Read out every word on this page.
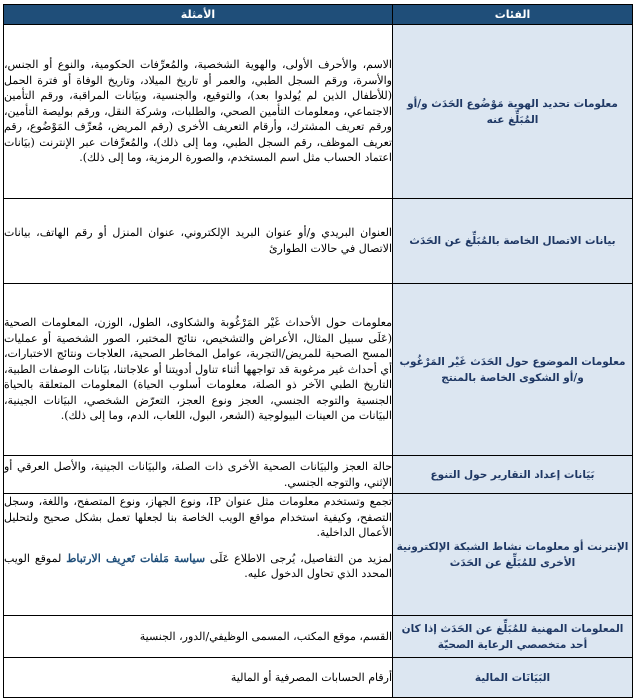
الفئات	الأمثلة
معلومات تحديد الهوية مَوْضُوع الحَدَث و/أو المُبَلِّغ عنه	الاسم، والأحرف الأولى، والهوية الشخصية، والمُعرِّفات الحكومية، والنوع أو الجنس، والأسرة، ورقم السجل الطبي، والعمر أو تاريخ الميلاد، وتاريخ الوفاة أو فترة الحمل (للأطفال الذين لم يُولدوا بعد)، والتوقيع، والجنسية، وبيَانات المراقبة، ورقم التأمين الاجتماعي، ومعلومات التأمين الصحي، والطلبات، وشركة النقل، ورقم بوليصة التأمين، ورقم تعريف المشترك، وأرقام التعريف الأخرى (رقم المريض، مُعرِّف المَوْضُوع، رقم تعريف الموظف، رقم السجل الطبي، وما إلى ذلك)، والمُعرِّفات عبر الإنترنت (بيَانات اعتماد الحساب مثل اسم المستخدم، والصورة الرمزية، وما إلى ذلك).
بيانات الاتصال الخاصة بالمُبَلِّغ عن الحَدَث	العنوان البريدي و/أو عنوان البريد الإلكتروني، عنوان المنزل أو رقم الهاتف، بيانات الاتصال في حالات الطوارئ
معلومات الموضوع حول الحَدَث غَيْر المَرْغُوب و/أو الشكوى الخاصة بالمنتج	معلومات حول الأحداث غَيْر المَرْغُوبة والشكاوى، الطول، الوزن، المعلومات الصحية (عَلَى سبيل المثال، الأعراض والتشخيص، نتائج المختبر، الصور الشخصية أو عمليات المسح الصحية للمريض/التجربة، عوامل المخاطر الصحية، العلاجات ونتائج الاختبارات، أي أحداث غير مرغوبة قد تواجهها أثناء تناول أدويتنا أو علاجاتنا، بيَانات الوصفات الطبية، التاريخ الطبي الآخر ذو الصلة، معلومات أسلوب الحياة) المعلومات المتعلقة بالحياة الجنسية والتوجه الجنسي، العجز ونوع العجز، التعرّض الشخصي، البيَانات الجينية، البيَانات من العينات البيولوجية (الشعر، البول، اللعاب، الدم، وما إلى ذلك).
بَيَانات إعداد التقارير حول التنوع	حالة العجز والبيَانات الصحية الأخرى ذات الصلة، والبيَانات الجينية، والأصل العرقي أو الإثني، والتوجه الجنسي.
الإنترنت أو معلومات نشاط الشبكة الإلكترونية الأخرى للمُبَلِّغ عن الحَدَث	تجمع وتستخدم معلومات مثل عنوان IP، ونوع الجهاز، ونوع المتصفح، واللغة، وسجل التصفح، وكيفية استخدام مواقع الويب الخاصة بنا لجعلها تعمل بشكل صحيح ولتحليل الأعمال الداخلية.
لمزيد من التفاصيل، يُرجى الاطلاع عَلَى سياسة مَلفات تَعرِيف الارتباط لموقع الويب المحدد الذي تحاول الدخول عليه.

المعلومات المهنية للمُبَلِّغ عن الحَدَث إذا كان أحد متخصصي الرعاية الصحيّة	القسم، موقع المكتب، المسمى الوظيفي/الدور، الجنسية
البَيَانَات المالية	أرقام الحسابات المصرفية أو المالية
